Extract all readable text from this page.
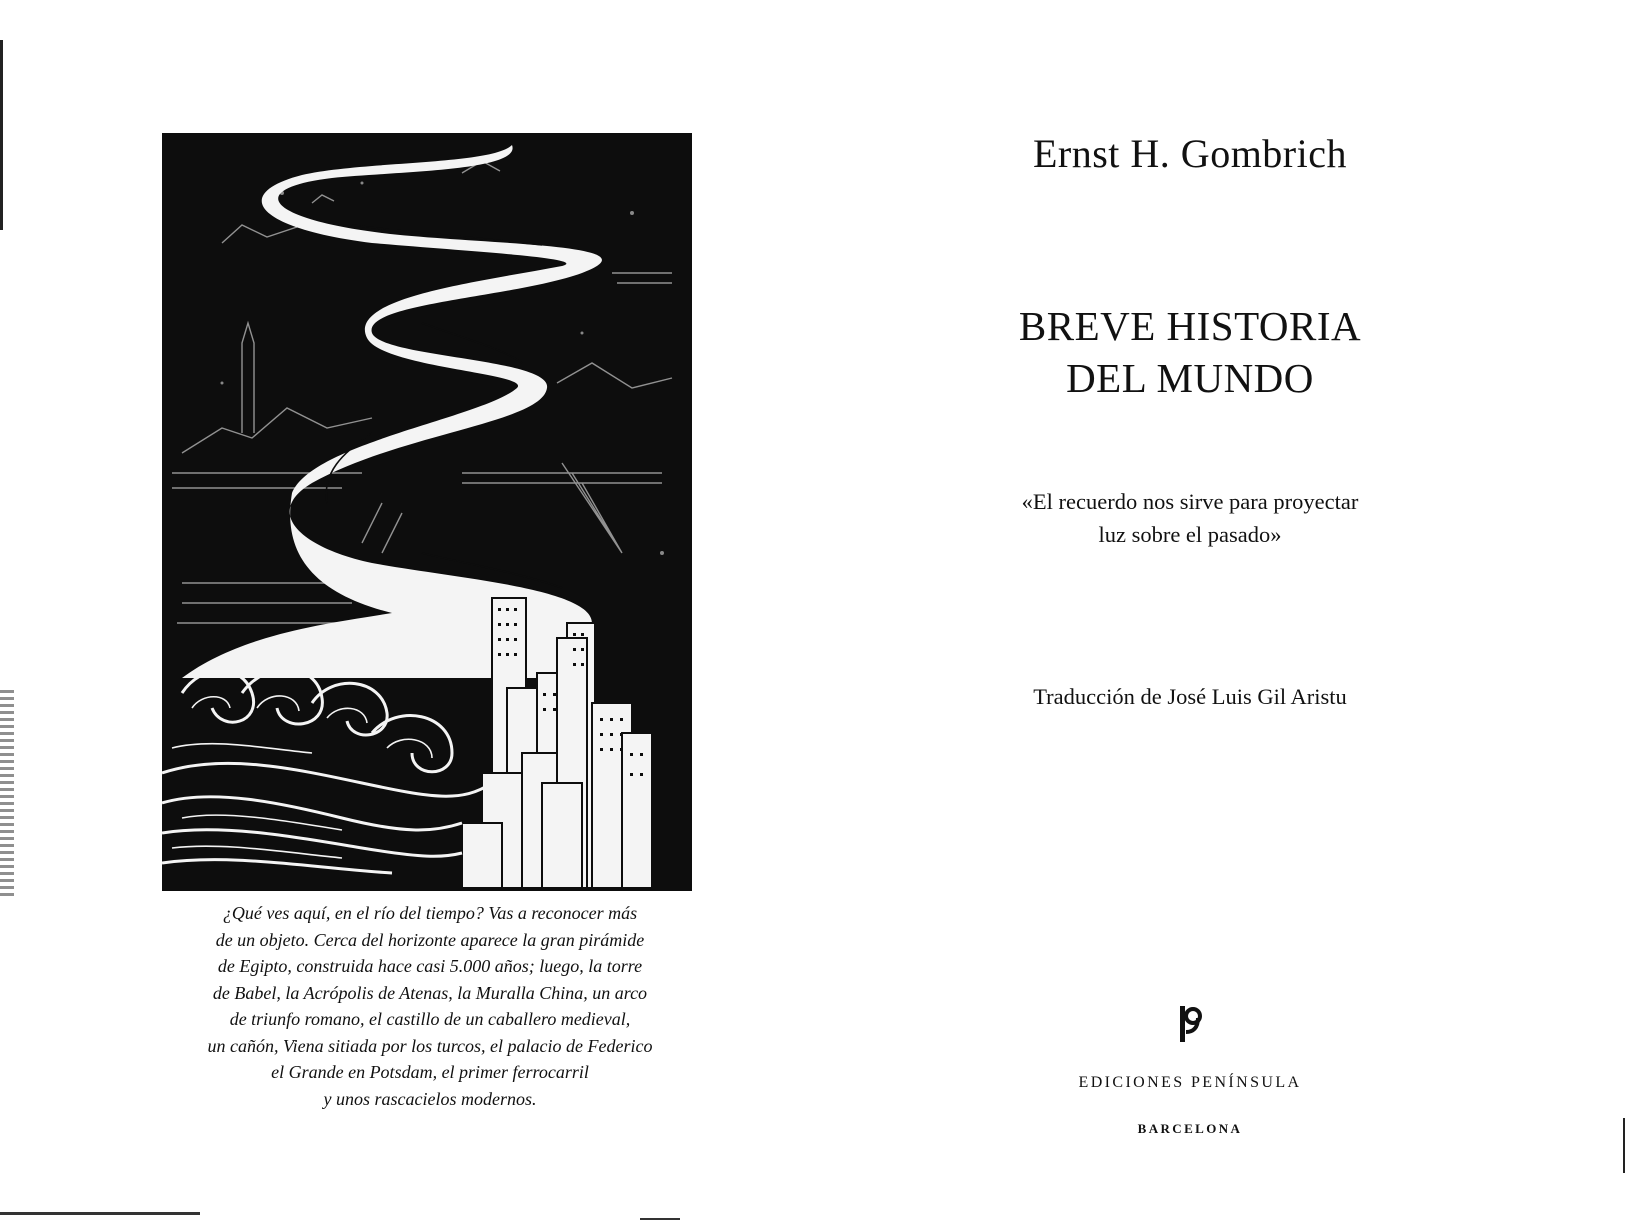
¿Qué ves aquí, en el río del tiempo? Vas a reconocer más
de un objeto. Cerca del horizonte aparece la gran pirámide
de Egipto, construida hace casi 5.000 años; luego, la torre
de Babel, la Acrópolis de Atenas, la Muralla China, un arco
de triunfo romano, el castillo de un caballero medieval,
un cañón, Viena sitiada por los turcos, el palacio de Federico
el Grande en Potsdam, el primer ferrocarril
y unos rascacielos modernos.
Ernst H. Gombrich
BREVE HISTORIA
DEL MUNDO
«El recuerdo nos sirve para proyectar
luz sobre el pasado»
Traducción de José Luis Gil Aristu
EDICIONES PENÍNSULA
BARCELONA
